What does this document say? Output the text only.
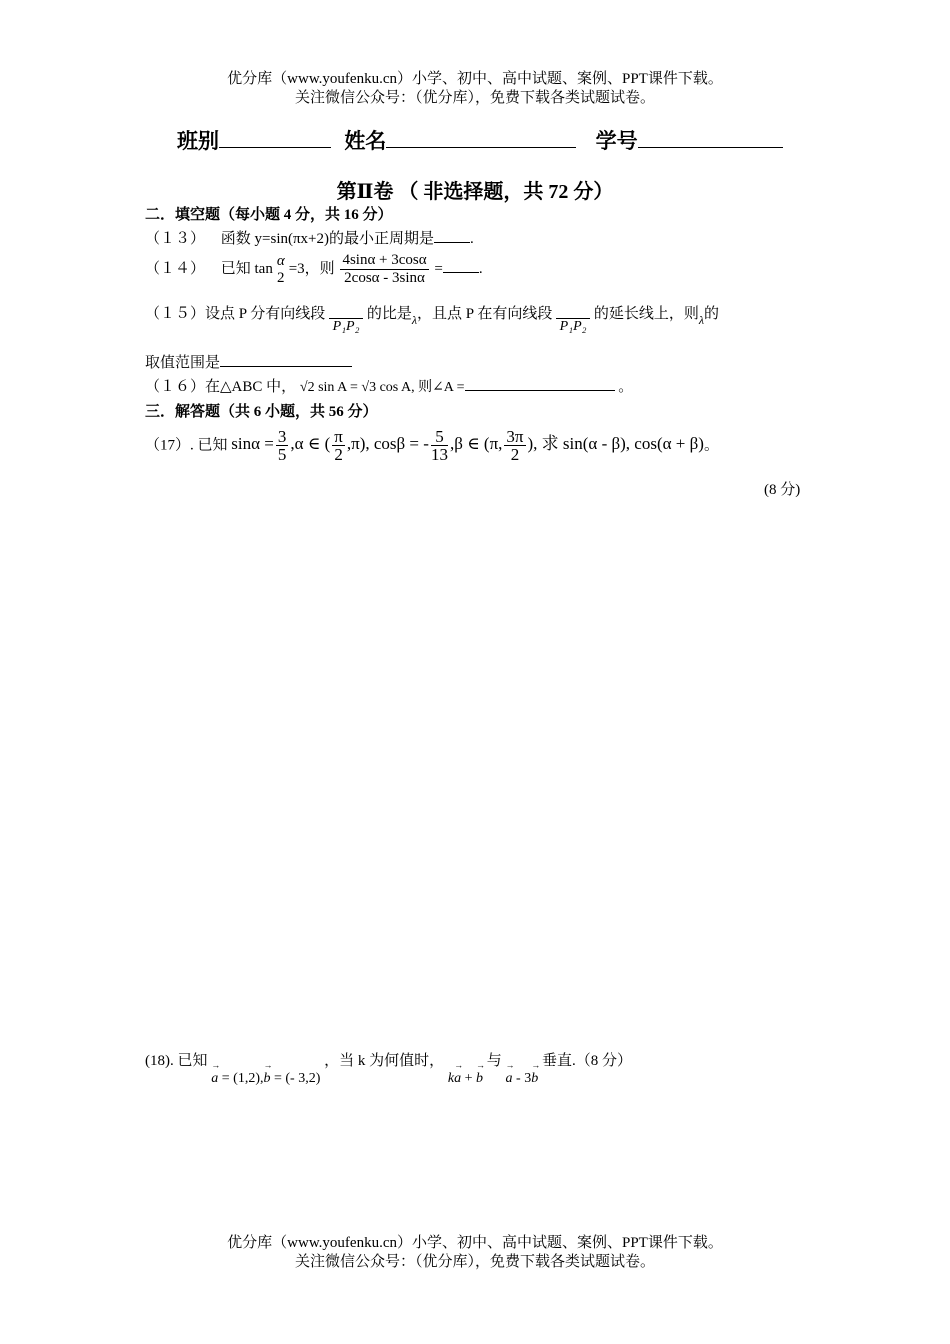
优分库（www.youfenku.cn）小学、初中、高中试题、案例、PPT课件下载。
关注微信公众号：（优分库），免费下载各类试题试卷。
班别	姓名	学号
第Ⅱ卷 （ 非选择题，共 72 分）
二．填空题（每小题 4 分，共 16 分）
（１３） 函数 y=sin(πx+2)的最小正周期是 .
（１４） 已知 tan
α
2
=3，则 $\frac{4\sin\alpha + 3\cos\alpha}{2\cos\alpha - 3\sin\alpha}$ = .
（１５）设点 P 分有向线段
P₁P₂ 的比是$_\lambda$，且点 P 在有向线段
P₁P₂ 的延长线上，则$_\lambda$的
取值范围是
（１６）在△ABC 中， √2 sin A = √3 cos A, 则∠A =	。
三．解答题（共 6 小题，共 56 分）
（17）. 已知 $\sin\alpha = \frac{3}{5} ,\alpha$ ∈ ( $\frac{\pi}{2} ,\pi$), cosβ = - $\frac{5}{13} ,\beta$ ∈ (π, $\frac{3\pi}{2}$ ), 求 sin(α - β), cos(α + β)。
(8 分)
(18). 已知 → a = (1,2),→ b = (- 3,2) ，当 k 为何值时， k→ a + → b 与 → a - 3→ b 垂直.（8 分）
优分库（www.youfenku.cn）小学、初中、高中试题、案例、PPT课件下载。
关注微信公众号：（优分库），免费下载各类试题试卷。
